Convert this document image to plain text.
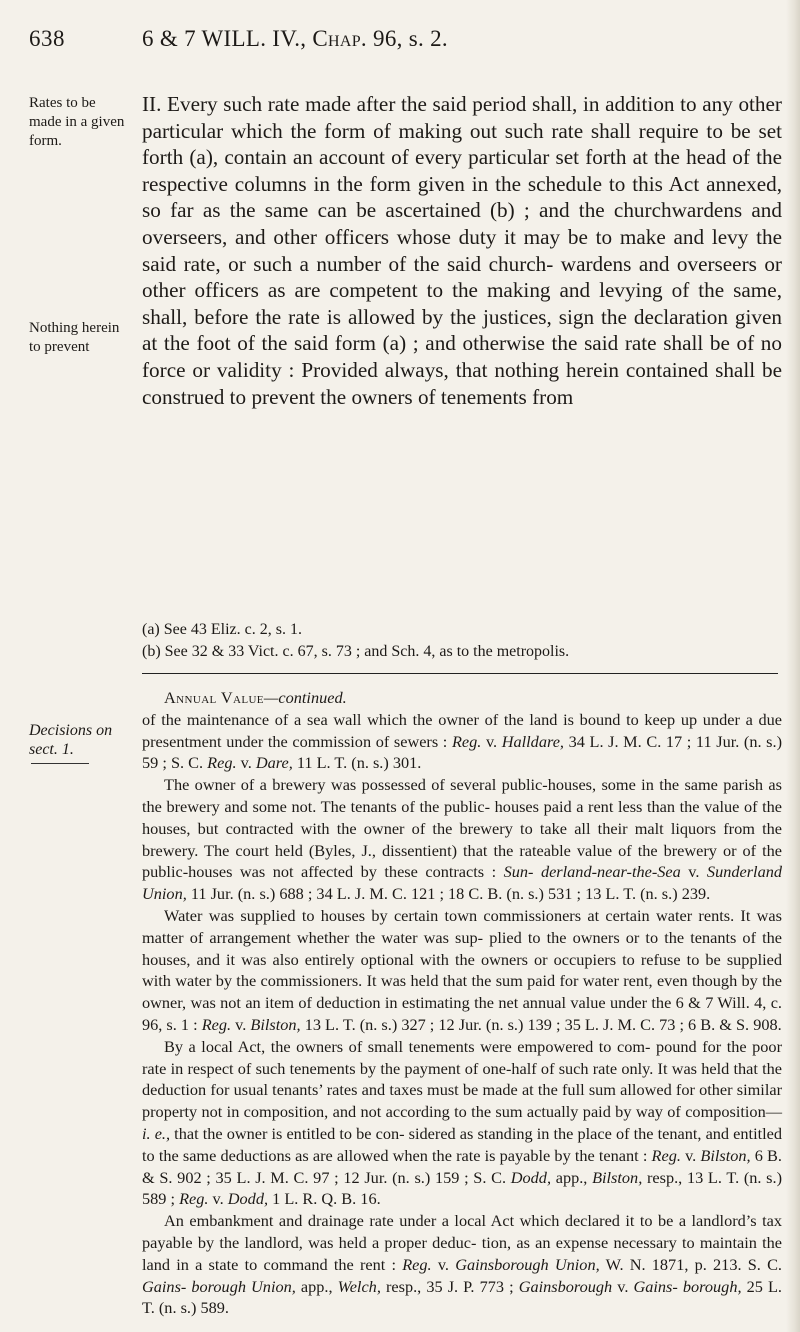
638	6 & 7 WILL. IV., Chap. 96, s. 2.
Rates to be made in a given form.
Nothing herein to prevent
Decisions on sect. 1.

II. Every such rate made after the said period shall, in addition to any other particular which the form of making out such rate shall require to be set forth (a), contain an account of every particular set forth at the head of the respective columns in the form given in the schedule to this Act annexed, so far as the same can be ascertained (b) ; and the churchwardens and overseers, and other officers whose duty it may be to make and levy the said rate, or such a number of the said church- wardens and overseers or other officers as are competent to the making and levying of the same, shall, before the rate is allowed by the justices, sign the declaration given at the foot of the said form (a) ; and otherwise the said rate shall be of no force or validity : Provided always, that nothing herein contained shall be construed to prevent the owners of tenements from

(a) See 43 Eliz. c. 2, s. 1.

(b) See 32 & 33 Vict. c. 67, s. 73 ; and Sch. 4, as to the metropolis.

Annual Value—continued.

of the maintenance of a sea wall which the owner of the land is bound to keep up under a due presentment under the commission of sewers : Reg. v. Halldare, 34 L. J. M. C. 17 ; 11 Jur. (n. s.) 59 ; S. C. Reg. v. Dare, 11 L. T. (n. s.) 301.

The owner of a brewery was possessed of several public-houses, some in the same parish as the brewery and some not. The tenants of the public- houses paid a rent less than the value of the houses, but contracted with the owner of the brewery to take all their malt liquors from the brewery. The court held (Byles, J., dissentient) that the rateable value of the brewery or of the public-houses was not affected by these contracts : Sun- derland-near-the-Sea v. Sunderland Union, 11 Jur. (n. s.) 688 ; 34 L. J. M. C. 121 ; 18 C. B. (n. s.) 531 ; 13 L. T. (n. s.) 239.

Water was supplied to houses by certain town commissioners at certain water rents. It was matter of arrangement whether the water was sup- plied to the owners or to the tenants of the houses, and it was also entirely optional with the owners or occupiers to refuse to be supplied with water by the commissioners. It was held that the sum paid for water rent, even though by the owner, was not an item of deduction in estimating the net annual value under the 6 & 7 Will. 4, c. 96, s. 1 : Reg. v. Bilston, 13 L. T. (n. s.) 327 ; 12 Jur. (n. s.) 139 ; 35 L. J. M. C. 73 ; 6 B. & S. 908.

By a local Act, the owners of small tenements were empowered to com- pound for the poor rate in respect of such tenements by the payment of one-half of such rate only. It was held that the deduction for usual tenants’ rates and taxes must be made at the full sum allowed for other similar property not in composition, and not according to the sum actually paid by way of composition—i. e., that the owner is entitled to be con- sidered as standing in the place of the tenant, and entitled to the same deductions as are allowed when the rate is payable by the tenant : Reg. v. Bilston, 6 B. & S. 902 ; 35 L. J. M. C. 97 ; 12 Jur. (n. s.) 159 ; S. C. Dodd, app., Bilston, resp., 13 L. T. (n. s.) 589 ; Reg. v. Dodd, 1 L. R. Q. B. 16.

An embankment and drainage rate under a local Act which declared it to be a landlord’s tax payable by the landlord, was held a proper deduc- tion, as an expense necessary to maintain the land in a state to command the rent : Reg. v. Gainsborough Union, W. N. 1871, p. 213. S. C. Gains- borough Union, app., Welch, resp., 35 J. P. 773 ; Gainsborough v. Gains- borough, 25 L. T. (n. s.) 589.
